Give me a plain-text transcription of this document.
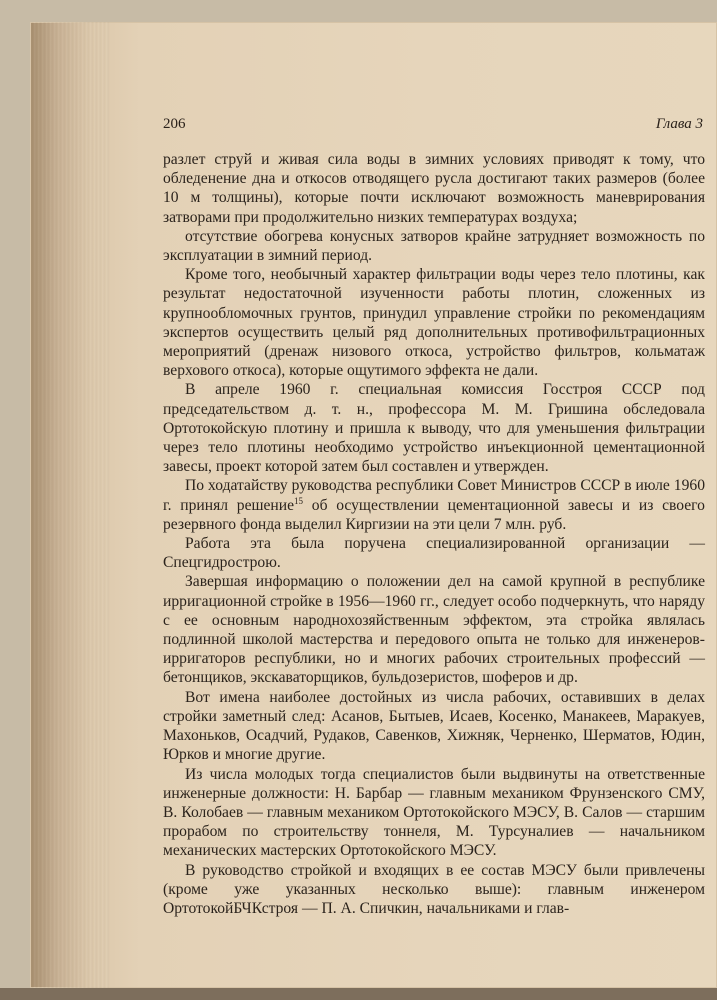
206	Глава 3

разлет струй и живая сила воды в зимних условиях приводят к тому, что обледенение дна и откосов отводящего русла достигают таких размеров (более 10 м толщины), которые почти исключают возможность маневрирования затворами при продолжительно низких температурах воздуха;

отсутствие обогрева конусных затворов крайне затрудняет возможность по эксплуатации в зимний период.

Кроме того, необычный характер фильтрации воды через тело плотины, как результат недостаточной изученности работы плотин, сложенных из крупнообломочных грунтов, принудил управление стройки по рекомендациям экспертов осуществить целый ряд дополнительных противофильтрационных мероприятий (дренаж низового откоса, устройство фильтров, кольматаж верхового откоса), которые ощутимого эффекта не дали.

В апреле 1960 г. специальная комиссия Госстроя СССР под председательством д. т. н., профессора М. М. Гришина обследовала Ортотокойскую плотину и пришла к выводу, что для уменьшения фильтрации через тело плотины необходимо устройство инъекционной цементационной завесы, проект которой затем был составлен и утвержден.

По ходатайству руководства республики Совет Министров СССР в июле 1960 г. принял решение$^{15}$ об осуществлении цементационной завесы и из своего резервного фонда выделил Киргизии на эти цели 7 млн. руб.

Работа эта была поручена специализированной организации — Спецгидрострою.

Завершая информацию о положении дел на самой крупной в республике ирригационной стройке в 1956—1960 гг., следует особо подчеркнуть, что наряду с ее основным народнохозяйственным эффектом, эта стройка являлась подлинной школой мастерства и передового опыта не только для инженеров-ирригаторов республики, но и многих рабочих строительных профессий — бетонщиков, экскаваторщиков, бульдозеристов, шоферов и др.

Вот имена наиболее достойных из числа рабочих, оставивших в делах стройки заметный след: Асанов, Бытыев, Исаев, Косенко, Манакеев, Маракуев, Махоньков, Осадчий, Рудаков, Савенков, Хижняк, Черненко, Шерматов, Юдин, Юрков и многие другие.

Из числа молодых тогда специалистов были выдвинуты на ответственные инженерные должности: Н. Барбар — главным механиком Фрунзенского СМУ, В. Колобаев — главным механиком Ортотокойского МЭСУ, В. Салов — старшим прорабом по строительству тоннеля, М. Турсуналиев — начальником механических мастерских Ортотокойского МЭСУ.

В руководство стройкой и входящих в ее состав МЭСУ были привлечены (кроме уже указанных несколько выше): главным инженером ОртотокойБЧКстроя — П. А. Спичкин, начальниками и глав-
